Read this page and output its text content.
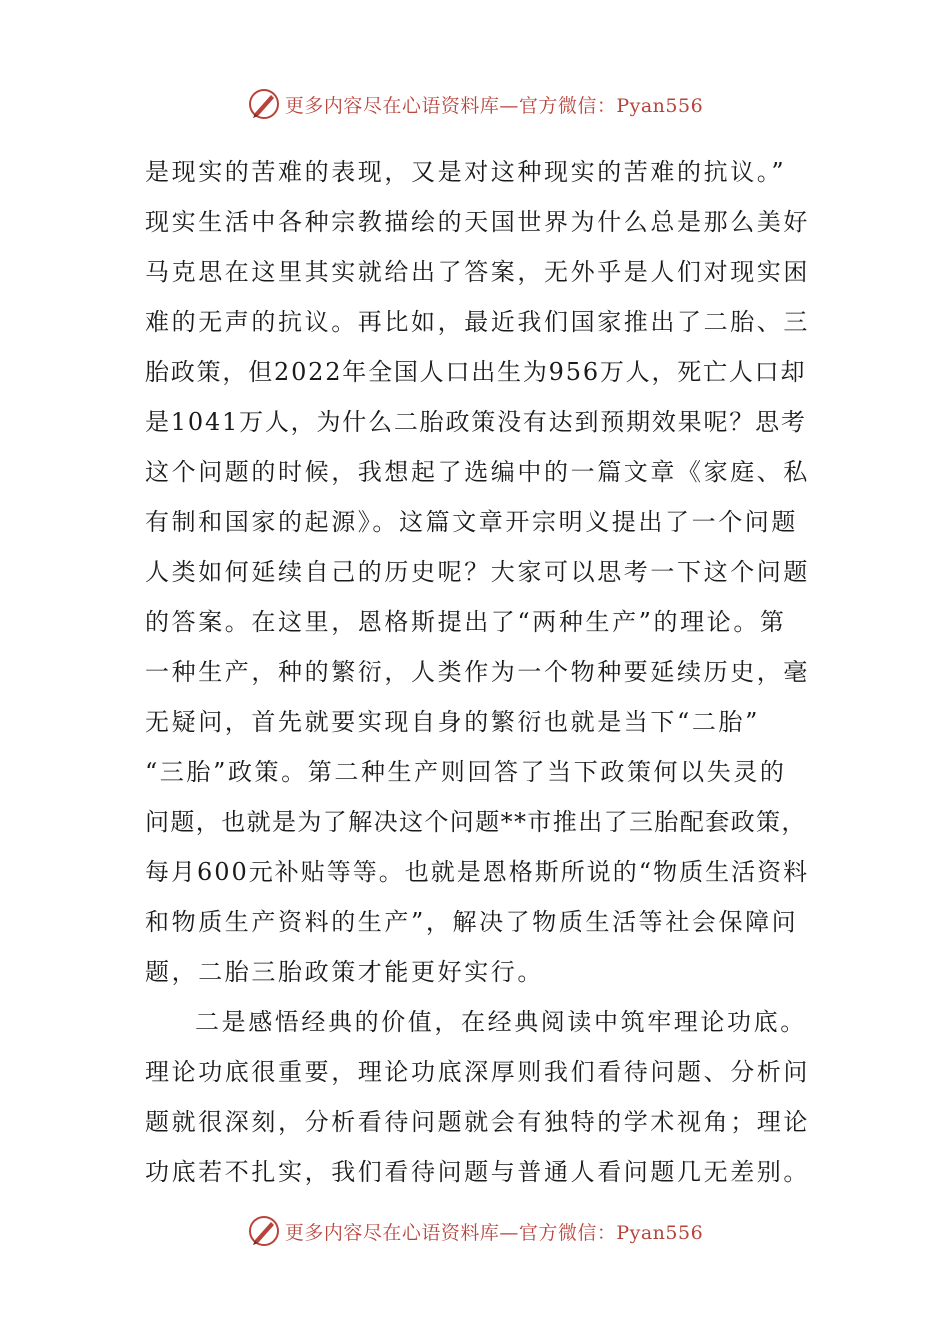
更多内容尽在心语资料库—官方微信：Pyan556
是现实的苦难的表现，又是对这种现实的苦难的抗议。”
现实生活中各种宗教描绘的天国世界为什么总是那么美好
马克思在这里其实就给出了答案，无外乎是人们对现实困
难的无声的抗议。再比如，最近我们国家推出了二胎、三
胎政策，但2022年全国人口出生为956万人，死亡人口却
是1041万人，为什么二胎政策没有达到预期效果呢？思考
这个问题的时候，我想起了选编中的一篇文章《家庭、私
有制和国家的起源》。这篇文章开宗明义提出了一个问题
人类如何延续自己的历史呢？大家可以思考一下这个问题
的答案。在这里，恩格斯提出了“两种生产”的理论。第
一种生产，种的繁衍，人类作为一个物种要延续历史，毫
无疑问，首先就要实现自身的繁衍也就是当下“二胎”
“三胎”政策。第二种生产则回答了当下政策何以失灵的
问题，也就是为了解决这个问题**市推出了三胎配套政策，
每月600元补贴等等。也就是恩格斯所说的“物质生活资料
和物质生产资料的生产”，解决了物质生活等社会保障问
题，二胎三胎政策才能更好实行。
二是感悟经典的价值，在经典阅读中筑牢理论功底。
理论功底很重要，理论功底深厚则我们看待问题、分析问
题就很深刻，分析看待问题就会有独特的学术视角；理论
功底若不扎实，我们看待问题与普通人看问题几无差别。
更多内容尽在心语资料库—官方微信：Pyan556
